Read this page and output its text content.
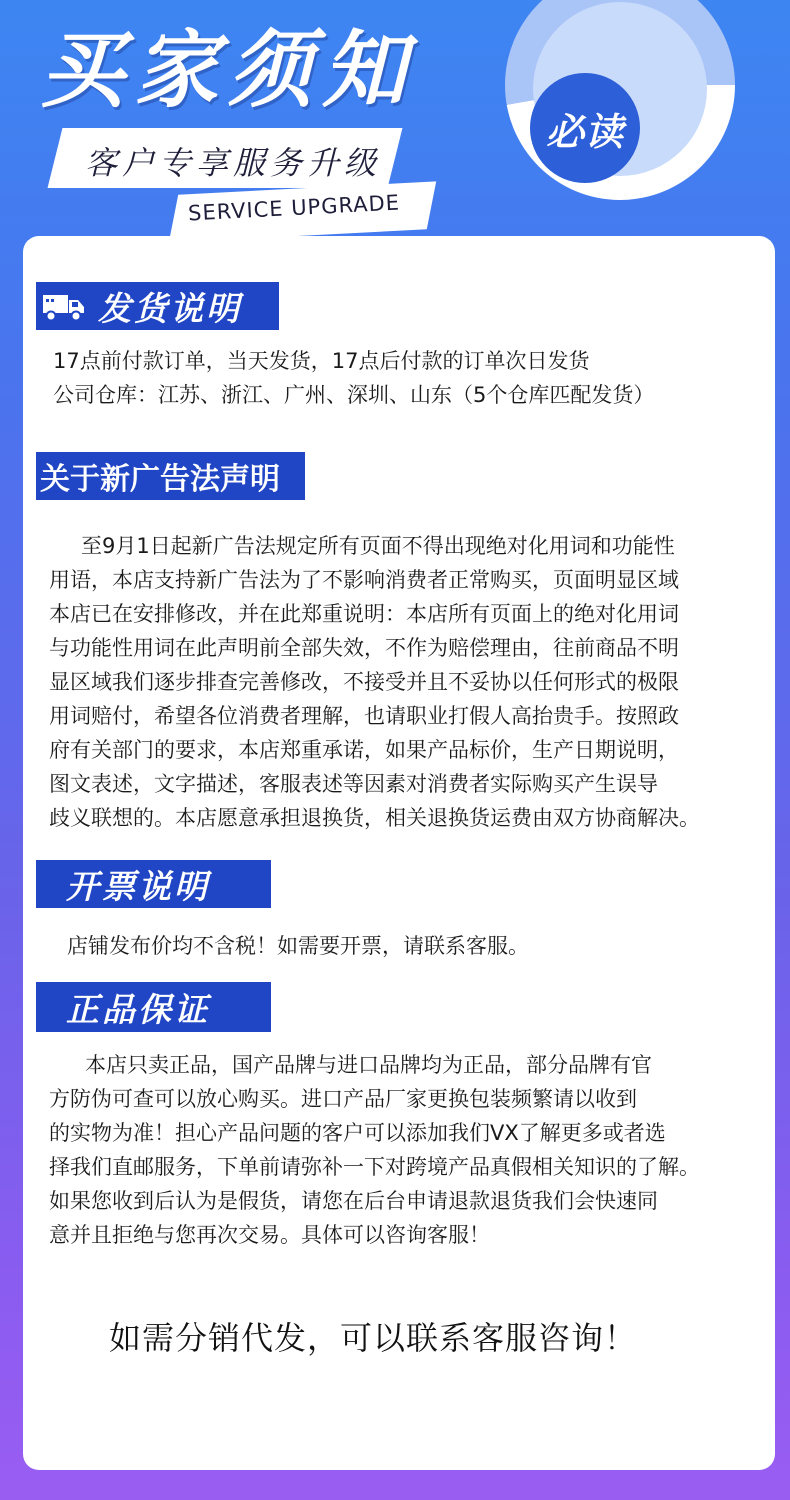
必读
买家须知
客户专享服务升级
SERVICE UPGRADE
发货说明

17点前付款订单，当天发货，17点后付款的订单次日发货

公司仓库：江苏、浙江、广州、深圳、山东（5个仓库匹配发货）

关于新广告法声明

至9月1日起新广告法规定所有页面不得出现绝对化用词和功能性

用语，本店支持新广告法为了不影响消费者正常购买，页面明显区域

本店已在安排修改，并在此郑重说明：本店所有页面上的绝对化用词

与功能性用词在此声明前全部失效，不作为赔偿理由，往前商品不明

显区域我们逐步排查完善修改，不接受并且不妥协以任何形式的极限

用词赔付，希望各位消费者理解，也请职业打假人高抬贵手。按照政

府有关部门的要求，本店郑重承诺，如果产品标价，生产日期说明，

图文表述，文字描述，客服表述等因素对消费者实际购买产生误导

歧义联想的。本店愿意承担退换货，相关退换货运费由双方协商解决。

开票说明

店铺发布价均不含税！如需要开票，请联系客服。

正品保证

本店只卖正品，国产品牌与进口品牌均为正品，部分品牌有官

方防伪可查可以放心购买。进口产品厂家更换包装频繁请以收到

的实物为准！担心产品问题的客户可以添加我们VX了解更多或者选

择我们直邮服务，下单前请弥补一下对跨境产品真假相关知识的了解。

如果您收到后认为是假货，请您在后台申请退款退货我们会快速同

意并且拒绝与您再次交易。具体可以咨询客服！

如需分销代发，可以联系客服咨询！
